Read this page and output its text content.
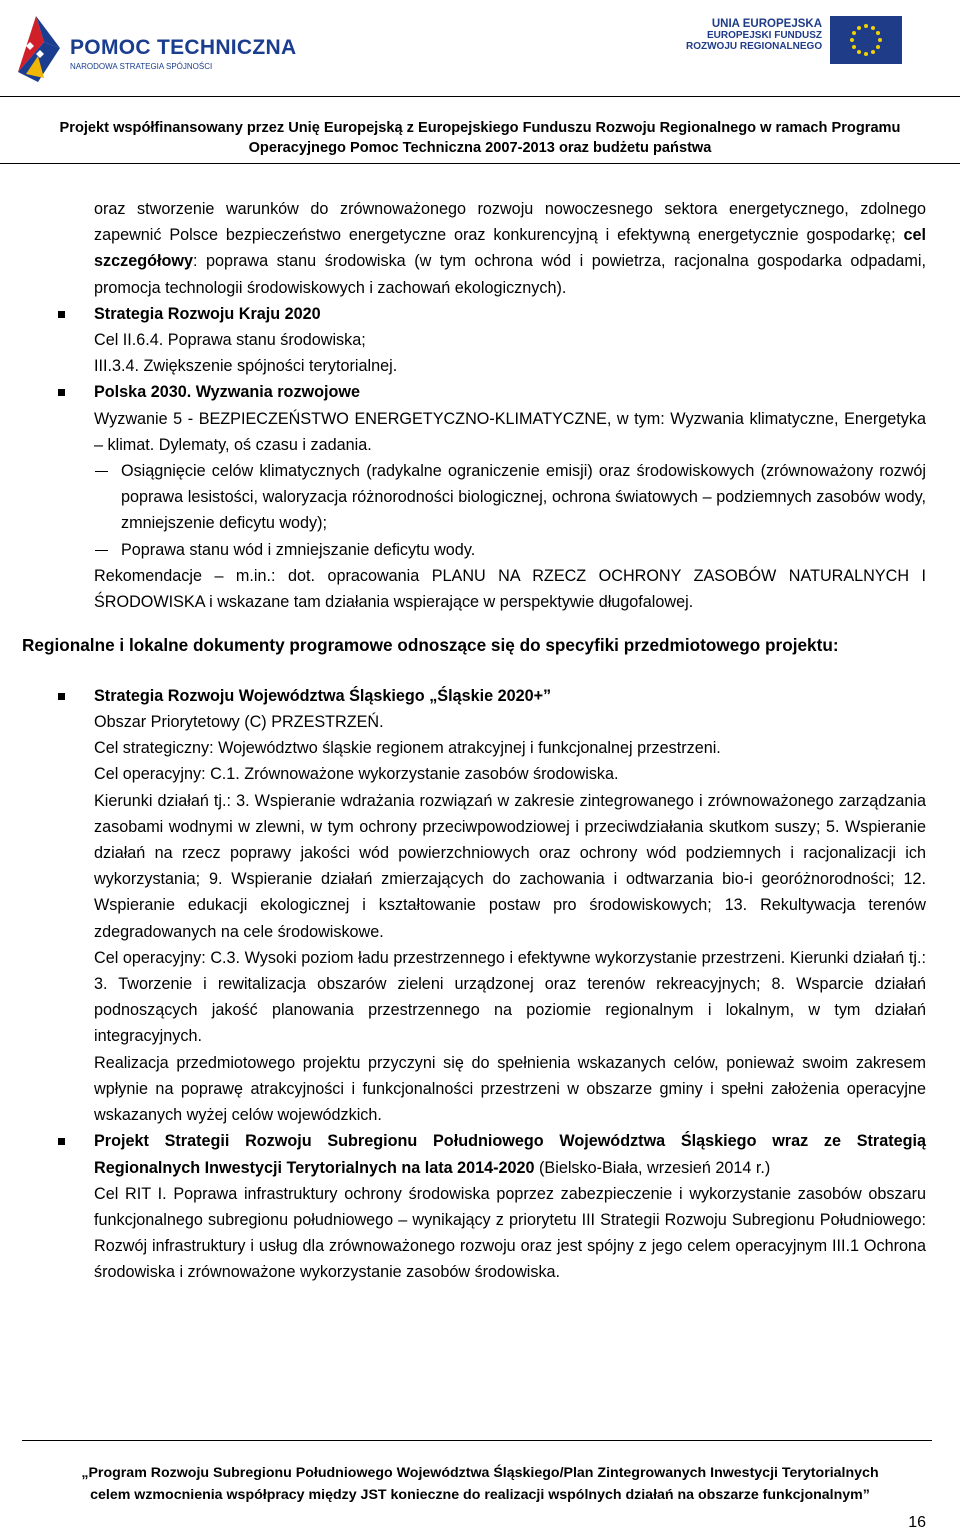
POMOC TECHNICZNA
NARODOWA STRATEGIA SPÓJNOŚCI
UNIA EUROPEJSKA
EUROPEJSKI FUNDUSZ
ROZWOJU REGIONALNEGO
Projekt współfinansowany przez Unię Europejską z Europejskiego Funduszu Rozwoju Regionalnego w ramach Programu
Operacyjnego Pomoc Techniczna 2007-2013 oraz budżetu państwa

oraz stworzenie warunków do zrównoważonego rozwoju nowoczesnego sektora energetycznego, zdolnego zapewnić Polsce bezpieczeństwo energetyczne oraz konkurencyjną i efektywną energetycznie gospodarkę; cel szczegółowy: poprawa stanu środowiska (w tym ochrona wód i powietrza, racjonalna gospodarka odpadami, promocja technologii środowiskowych i zachowań ekologicznych).

Strategia Rozwoju Kraju 2020
Cel II.6.4. Poprawa stanu środowiska;
III.3.4. Zwiększenie spójności terytorialnej.
Polska 2030. Wyzwania rozwojowe
Wyzwanie 5 - BEZPIECZEŃSTWO ENERGETYCZNO-KLIMATYCZNE, w tym: Wyzwania klimatyczne, Energetyka – klimat. Dylematy, oś czasu i zadania.
Osiągnięcie celów klimatycznych (radykalne ograniczenie emisji) oraz środowiskowych (zrównoważony rozwój poprawa lesistości, waloryzacja różnorodności biologicznej, ochrona światowych – podziemnych zasobów wody, zmniejszenie deficytu wody);
Poprawa stanu wód i zmniejszanie deficytu wody.

Rekomendacje – m.in.: dot. opracowania PLANU NA RZECZ OCHRONY ZASOBÓW NATURALNYCH I ŚRODOWISKA i wskazane tam działania wspierające w perspektywie długofalowej.

Regionalne i lokalne dokumenty programowe odnoszące się do specyfiki przedmiotowego projektu:

Strategia Rozwoju Województwa Śląskiego „Śląskie 2020+”
Obszar Priorytetowy (C) PRZESTRZEŃ.
Cel strategiczny: Województwo śląskie regionem atrakcyjnej i funkcjonalnej przestrzeni.
Cel operacyjny: C.1. Zrównoważone wykorzystanie zasobów środowiska.
Kierunki działań tj.: 3. Wspieranie wdrażania rozwiązań w zakresie zintegrowanego i zrównoważonego zarządzania zasobami wodnymi w zlewni, w tym ochrony przeciwpowodziowej i przeciwdziałania skutkom suszy; 5. Wspieranie działań na rzecz poprawy jakości wód powierzchniowych oraz ochrony wód podziemnych i racjonalizacji ich wykorzystania; 9. Wspieranie działań zmierzających do zachowania i odtwarzania bio-i georóżnorodności; 12. Wspieranie edukacji ekologicznej i kształtowanie postaw pro środowiskowych; 13. Rekultywacja terenów zdegradowanych na cele środowiskowe.
Cel operacyjny: C.3. Wysoki poziom ładu przestrzennego i efektywne wykorzystanie przestrzeni. Kierunki działań tj.: 3. Tworzenie i rewitalizacja obszarów zieleni urządzonej oraz terenów rekreacyjnych; 8. Wsparcie działań podnoszących jakość planowania przestrzennego na poziomie regionalnym i lokalnym, w tym działań integracyjnych.
Realizacja przedmiotowego projektu przyczyni się do spełnienia wskazanych celów, ponieważ swoim zakresem wpłynie na poprawę atrakcyjności i funkcjonalności przestrzeni w obszarze gminy i spełni założenia operacyjne wskazanych wyżej celów wojewódzkich.
Projekt Strategii Rozwoju Subregionu Południowego Województwa Śląskiego wraz ze Strategią Regionalnych Inwestycji Terytorialnych na lata 2014-2020 (Bielsko-Biała, wrzesień 2014 r.)
Cel RIT I. Poprawa infrastruktury ochrony środowiska poprzez zabezpieczenie i wykorzystanie zasobów obszaru funkcjonalnego subregionu południowego – wynikający z priorytetu III Strategii Rozwoju Subregionu Południowego: Rozwój infrastruktury i usług dla zrównoważonego rozwoju oraz jest spójny z jego celem operacyjnym III.1 Ochrona środowiska i zrównoważone wykorzystanie zasobów środowiska.
„Program Rozwoju Subregionu Południowego Województwa Śląskiego/Plan Zintegrowanych Inwestycji Terytorialnych
celem wzmocnienia współpracy między JST konieczne do realizacji wspólnych działań na obszarze funkcjonalnym”
16
